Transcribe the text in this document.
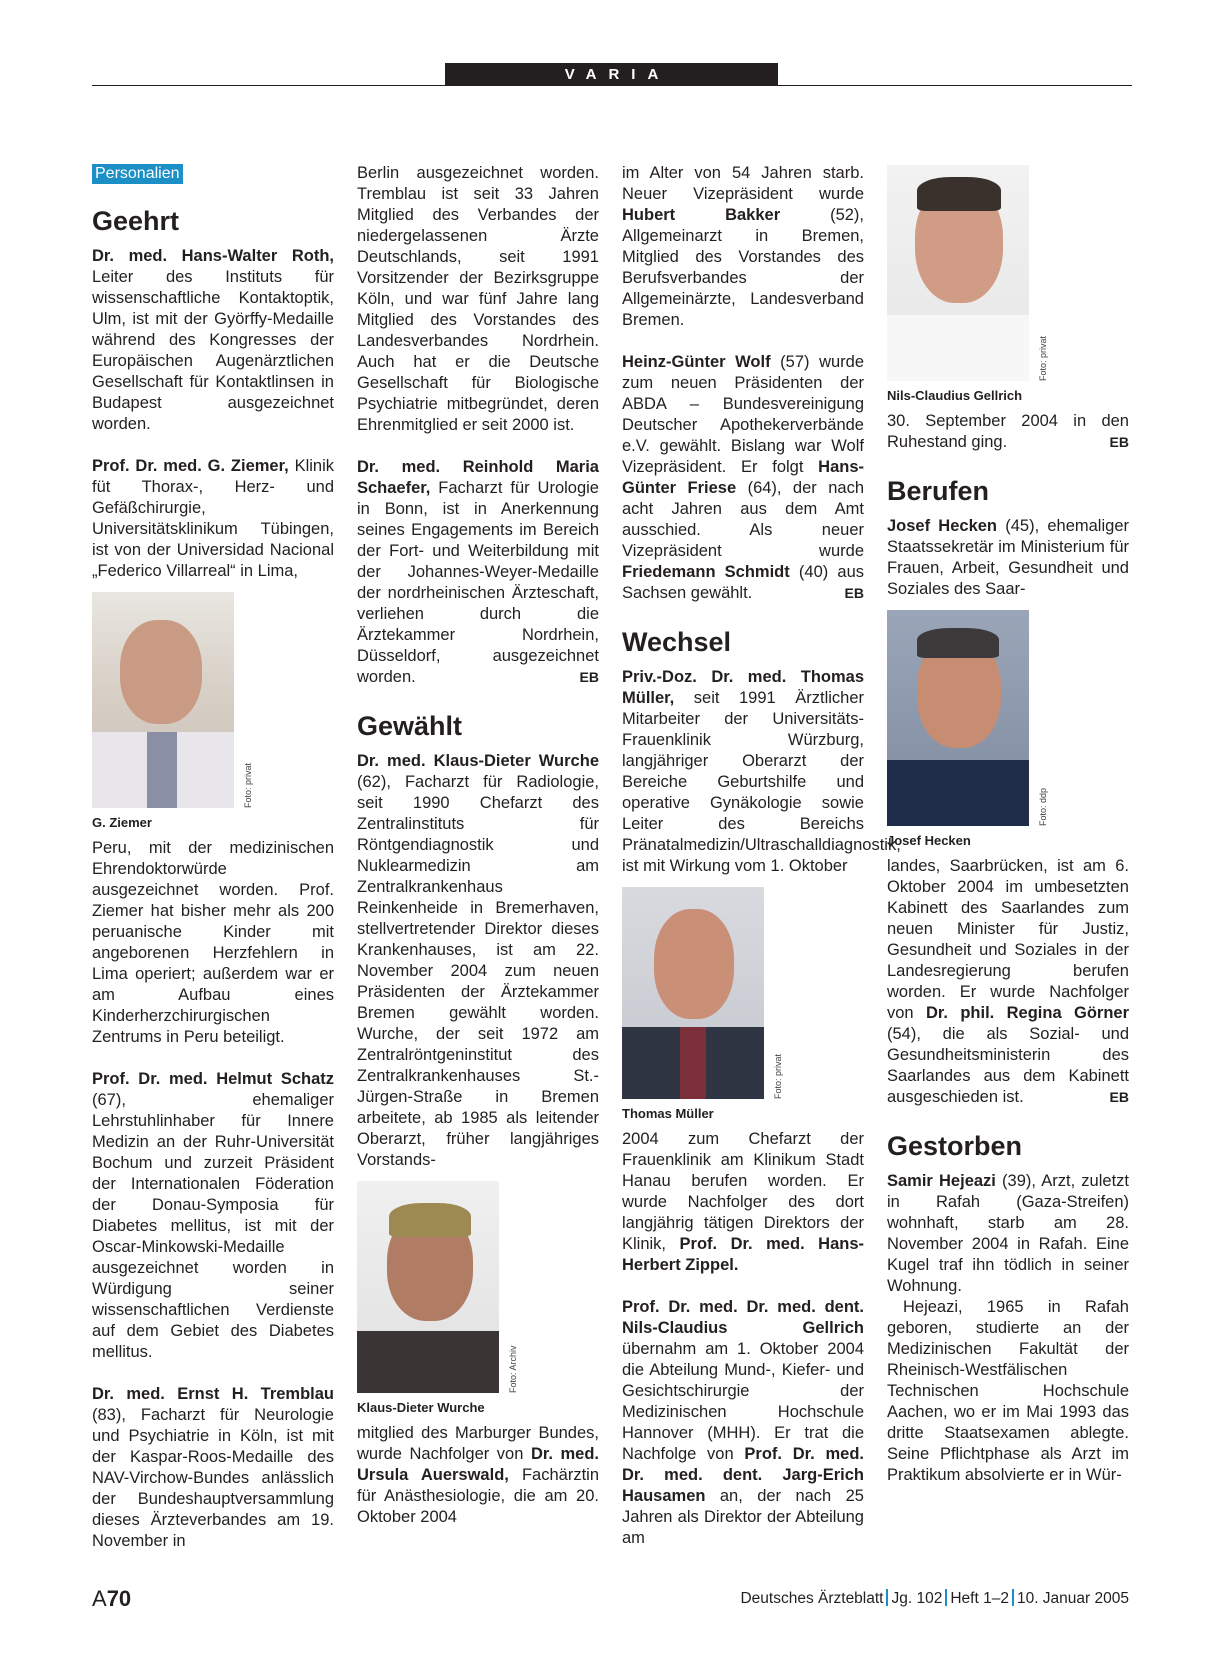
VARIA
Personalien
Geehrt

Dr. med. Hans-Walter Roth, Leiter des Instituts für wissenschaftliche Kontaktoptik, Ulm, ist mit der Györffy-Medaille während des Kongresses der Europäischen Augenärztlichen Gesellschaft für Kontaktlinsen in Budapest ausgezeichnet worden.

Prof. Dr. med. G. Ziemer, Klinik füt Thorax-, Herz- und Gefäßchirurgie, Universitätsklinikum Tübingen, ist von der Universidad Nacional „Federico Villarreal“ in Lima,

Foto: privat
G. Ziemer

Peru, mit der medizinischen Ehrendoktorwürde ausgezeichnet worden. Prof. Ziemer hat bisher mehr als 200 peruanische Kinder mit angeborenen Herzfehlern in Lima operiert; außerdem war er am Aufbau eines Kinderherzchirurgischen Zentrums in Peru beteiligt.

Prof. Dr. med. Helmut Schatz (67), ehemaliger Lehrstuhlinhaber für Innere Medizin an der Ruhr-Universität Bochum und zurzeit Präsident der Internationalen Föderation der Donau-Symposia für Diabetes mellitus, ist mit der Oscar-Minkowski-Medaille ausgezeichnet worden in Würdigung seiner wissenschaftlichen Verdienste auf dem Gebiet des Diabetes mellitus.

Dr. med. Ernst H. Tremblau (83), Facharzt für Neurologie und Psychiatrie in Köln, ist mit der Kaspar-Roos-Medaille des NAV-Virchow-Bundes anlässlich der Bundeshauptversammlung dieses Ärzteverbandes am 19. November in

Berlin ausgezeichnet worden. Tremblau ist seit 33 Jahren Mitglied des Verbandes der niedergelassenen Ärzte Deutschlands, seit 1991 Vorsitzender der Bezirksgruppe Köln, und war fünf Jahre lang Mitglied des Vorstandes des Landesverbandes Nordrhein. Auch hat er die Deutsche Gesellschaft für Biologische Psychiatrie mitbegründet, deren Ehrenmitglied er seit 2000 ist.

Dr. med. Reinhold Maria Schaefer, Facharzt für Urologie in Bonn, ist in Anerkennung seines Engagements im Bereich der Fort- und Weiterbildung mit der Johannes-Weyer-Medaille der nordrheinischen Ärzteschaft, verliehen durch die Ärztekammer Nordrhein, Düsseldorf, ausgezeichnet worden.	EB

Gewählt

Dr. med. Klaus-Dieter Wurche (62), Facharzt für Radiologie, seit 1990 Chefarzt des Zentralinstituts für Röntgendiagnostik und Nuklearmedizin am Zentralkrankenhaus Reinkenheide in Bremerhaven, stellvertretender Direktor dieses Krankenhauses, ist am 22. November 2004 zum neuen Präsidenten der Ärztekammer Bremen gewählt worden. Wurche, der seit 1972 am Zentralröntgeninstitut des Zentralkrankenhauses St.-Jürgen-Straße in Bremen arbeitete, ab 1985 als leitender Oberarzt, früher langjähriges Vorstands-

Foto: Archiv
Klaus-Dieter Wurche

mitglied des Marburger Bundes, wurde Nachfolger von Dr. med. Ursula Auerswald, Fachärztin für Anästhesiologie, die am 20. Oktober 2004

im Alter von 54 Jahren starb. Neuer Vizepräsident wurde Hubert Bakker (52), Allgemeinarzt in Bremen, Mitglied des Vorstandes des Berufsverbandes der Allgemeinärzte, Landesverband Bremen.

Heinz-Günter Wolf (57) wurde zum neuen Präsidenten der ABDA – Bundesvereinigung Deutscher Apothekerverbände e.V. gewählt. Bislang war Wolf Vizepräsident. Er folgt Hans-Günter Friese (64), der nach acht Jahren aus dem Amt ausschied. Als neuer Vizepräsident wurde Friedemann Schmidt (40) aus Sachsen gewählt.	EB

Wechsel

Priv.-Doz. Dr. med. Thomas Müller, seit 1991 Ärztlicher Mitarbeiter der Universitäts-Frauenklinik Würzburg, langjähriger Oberarzt der Bereiche Geburtshilfe und operative Gynäkologie sowie Leiter des Bereichs Pränatalmedizin/Ultraschalldiagnostik, ist mit Wirkung vom 1. Oktober

Foto: privat
Thomas Müller

2004 zum Chefarzt der Frauenklinik am Klinikum Stadt Hanau berufen worden. Er wurde Nachfolger des dort langjährig tätigen Direktors der Klinik, Prof. Dr. med. Hans-Herbert Zippel.

Prof. Dr. med. Dr. med. dent. Nils-Claudius Gellrich übernahm am 1. Oktober 2004 die Abteilung Mund-, Kiefer- und Gesichtschirurgie der Medizinischen Hochschule Hannover (MHH). Er trat die Nachfolge von Prof. Dr. med. Dr. med. dent. Jarg-Erich Hausamen an, der nach 25 Jahren als Direktor der Abteilung am

Foto: privat
Nils-Claudius Gellrich

30. September 2004 in den Ruhestand ging.	EB

Berufen

Josef Hecken (45), ehemaliger Staatssekretär im Ministerium für Frauen, Arbeit, Gesundheit und Soziales des Saar-

Foto: ddp
Josef Hecken

landes, Saarbrücken, ist am 6. Oktober 2004 im umbesetzten Kabinett des Saarlandes zum neuen Minister für Justiz, Gesundheit und Soziales in der Landesregierung berufen worden. Er wurde Nachfolger von Dr. phil. Regina Görner (54), die als Sozial- und Gesundheitsministerin des Saarlandes aus dem Kabinett ausgeschieden ist.	EB

Gestorben

Samir Hejeazi (39), Arzt, zuletzt in Rafah (Gaza-Streifen) wohnhaft, starb am 28. November 2004 in Rafah. Eine Kugel traf ihn tödlich in seiner Wohnung.

Hejeazi, 1965 in Rafah geboren, studierte an der Medizinischen Fakultät der Rheinisch-Westfälischen Technischen Hochschule Aachen, wo er im Mai 1993 das dritte Staatsexamen ablegte. Seine Pflichtphase als Arzt im Praktikum absolvierte er in Wür-

A70	Deutsches Ärzteblatt Jg. 102 Heft 1–2 10. Januar 2005
